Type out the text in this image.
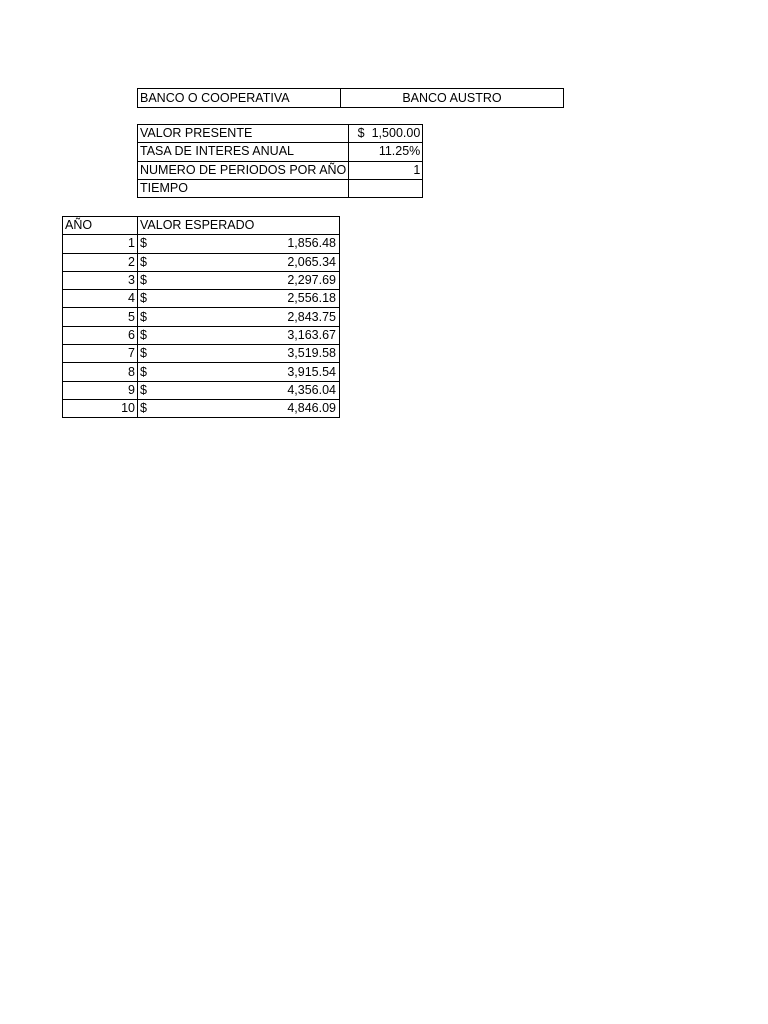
BANCO O COOPERATIVA	BANCO AUSTRO
VALOR PRESENTE	$ 1,500.00

TASA DE INTERES ANUAL	11.25%
NUMERO DE PERIODOS POR AÑO	1
TIEMPO	
AÑO	VALOR ESPERADO
1	$ 1,856.48

2	$ 2,065.34

3	$ 2,297.69

4	$ 2,556.18

5	$ 2,843.75

6	$ 3,163.67

7	$ 3,519.58

8	$ 3,915.54

9	$ 4,356.04

10	$ 4,846.09
